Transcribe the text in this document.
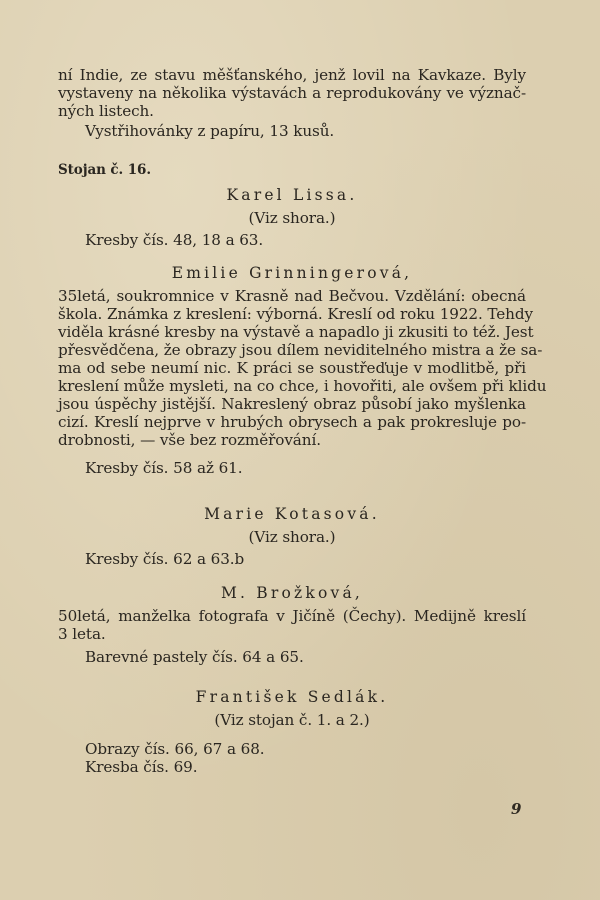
ní Indie, ze stavu měšťanského, jenž lovil na Kavkaze. Byly
vystaveny na několika výstavách a reprodukovány ve význač-
ných listech.
Vystřihovánky z papíru, 13 kusů.
Stojan č. 16.
Karel Lissa.
(Viz shora.)
Kresby čís. 48, 18 a 63.
Emilie Grinningerová,
35letá, soukromnice v Krasně nad Bečvou. Vzdělání: obecná
škola. Známka z kreslení: výborná. Kreslí od roku 1922. Tehdy
viděla krásné kresby na výstavě a napadlo ji zkusiti to též. Jest
přesvědčena, že obrazy jsou dílem neviditelného mistra a že sa-
ma od sebe neumí nic. K práci se soustřeďuje v modlitbě, při
kreslení může mysleti, na co chce, i hovořiti, ale ovšem při klidu
jsou úspěchy jistější. Nakreslený obraz působí jako myšlenka
cizí. Kreslí nejprve v hrubých obrysech a pak prokresluje po-
drobnosti, — vše bez rozměřování.
Kresby čís. 58 až 61.
Marie Kotasová.
(Viz shora.)
Kresby čís. 62 a 63.b
M. Brožková,
50letá, manželka fotografa v Jičíně (Čechy). Medijně kreslí
3 leta.
Barevné pastely čís. 64 a 65.
František Sedlák.
(Viz stojan č. 1. a 2.)
Obrazy čís. 66, 67 a 68.
Kresba čís. 69.
9
